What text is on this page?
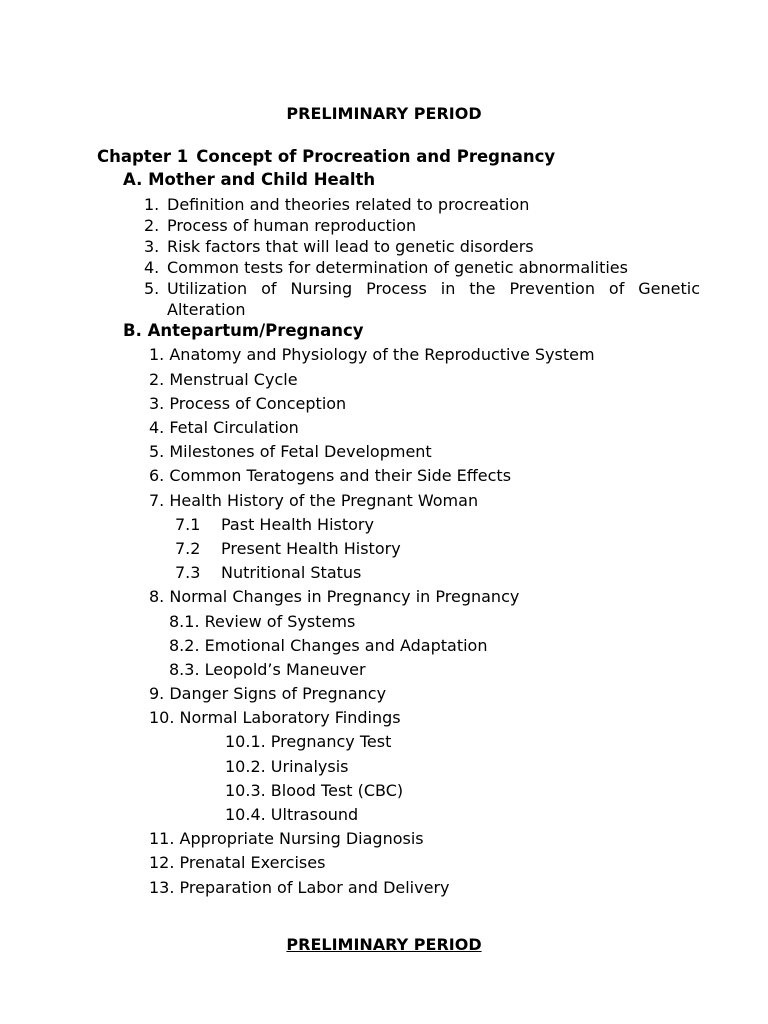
PRELIMINARY PERIOD
Chapter 1 Concept of Procreation and Pregnancy
A. Mother and Child Health
1. Definition and theories related to procreation
2. Process of human reproduction
3. Risk factors that will lead to genetic disorders
4. Common tests for determination of genetic abnormalities
5. Utilization of Nursing Process in the Prevention of Genetic Alteration
B. Antepartum/Pregnancy
1. Anatomy and Physiology of the Reproductive System
2. Menstrual Cycle
3. Process of Conception
4. Fetal Circulation
5. Milestones of Fetal Development
6. Common Teratogens and their Side Effects
7. Health History of the Pregnant Woman
7.1 Past Health History
7.2 Present Health History
7.3 Nutritional Status
8. Normal Changes in Pregnancy in Pregnancy
8.1. Review of Systems
8.2. Emotional Changes and Adaptation
8.3. Leopold’s Maneuver
9. Danger Signs of Pregnancy
10. Normal Laboratory Findings
10.1. Pregnancy Test
10.2. Urinalysis
10.3. Blood Test (CBC)
10.4. Ultrasound
11. Appropriate Nursing Diagnosis
12. Prenatal Exercises
13. Preparation of Labor and Delivery
PRELIMINARY PERIOD
